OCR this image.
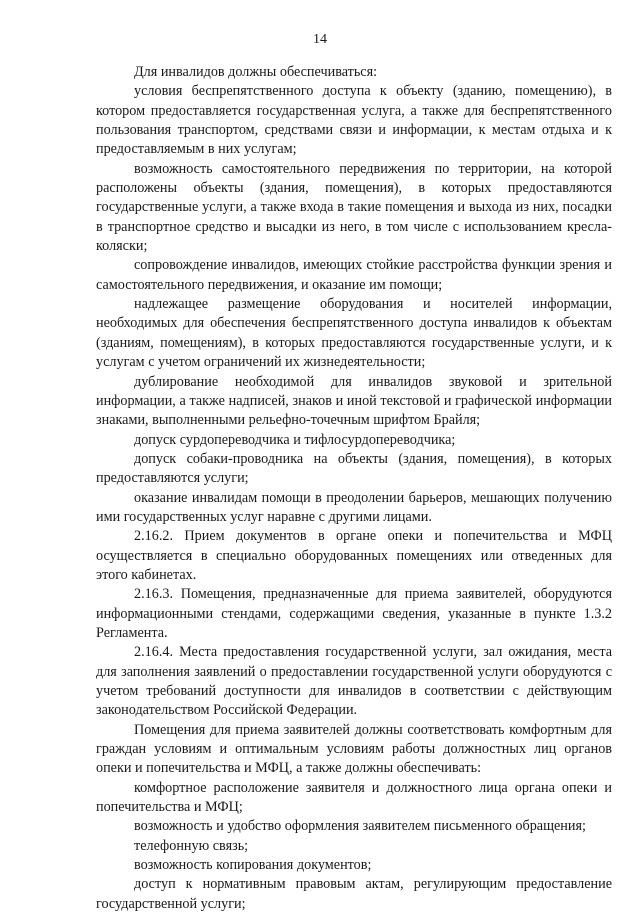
14

Для инвалидов должны обеспечиваться:

условия беспрепятственного доступа к объекту (зданию, помещению), в котором предоставляется государственная услуга, а также для беспрепятственного пользования транспортом, средствами связи и информации, к местам отдыха и к предоставляемым в них услугам;

возможность самостоятельного передвижения по территории, на которой расположены объекты (здания, помещения), в которых предоставляются государственные услуги, а также входа в такие помещения и выхода из них, посадки в транспортное средство и высадки из него, в том числе с использованием кресла-коляски;

сопровождение инвалидов, имеющих стойкие расстройства функции зрения и самостоятельного передвижения, и оказание им помощи;

надлежащее размещение оборудования и носителей информации, необходимых для обеспечения беспрепятственного доступа инвалидов к объектам (зданиям, помещениям), в которых предоставляются государственные услуги, и к услугам с учетом ограничений их жизнедеятельности;

дублирование необходимой для инвалидов звуковой и зрительной информации, а также надписей, знаков и иной текстовой и графической информации знаками, выполненными рельефно-точечным шрифтом Брайля;

допуск сурдопереводчика и тифлосурдопереводчика;

допуск собаки-проводника на объекты (здания, помещения), в которых предоставляются услуги;

оказание инвалидам помощи в преодолении барьеров, мешающих получению ими государственных услуг наравне с другими лицами.

2.16.2. Прием документов в органе опеки и попечительства и МФЦ осуществляется в специально оборудованных помещениях или отведенных для этого кабинетах.

2.16.3. Помещения, предназначенные для приема заявителей, оборудуются информационными стендами, содержащими сведения, указанные в пункте 1.3.2 Регламента.

2.16.4. Места предоставления государственной услуги, зал ожидания, места для заполнения заявлений о предоставлении государственной услуги оборудуются с учетом требований доступности для инвалидов в соответствии с действующим законодательством Российской Федерации.

Помещения для приема заявителей должны соответствовать комфортным для граждан условиям и оптимальным условиям работы должностных лиц органов опеки и попечительства и МФЦ, а также должны обеспечивать:

комфортное расположение заявителя и должностного лица органа опеки и попечительства и МФЦ;

возможность и удобство оформления заявителем письменного обращения;

телефонную связь;

возможность копирования документов;

доступ к нормативным правовым актам, регулирующим предоставление государственной услуги;
